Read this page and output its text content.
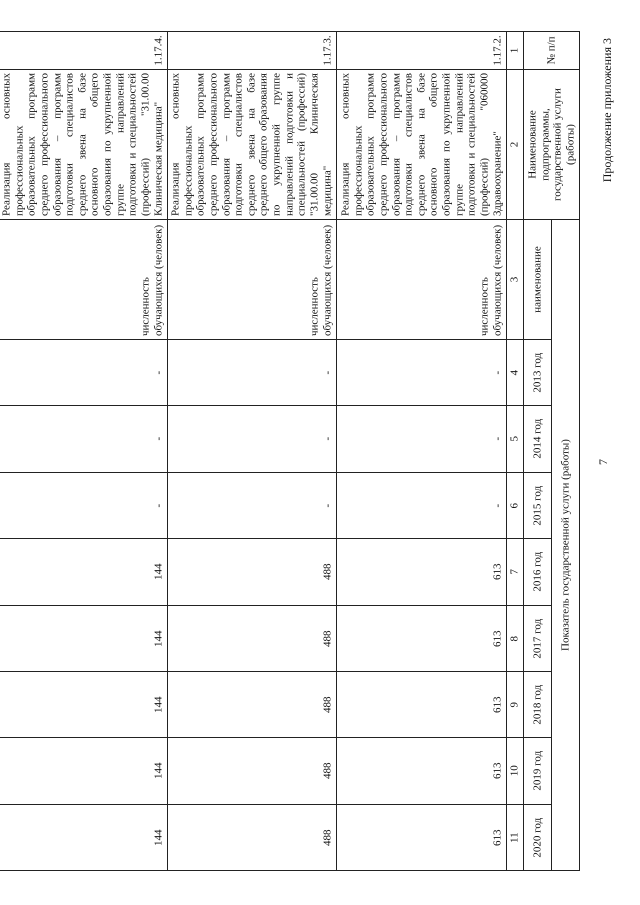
7
Продолжение приложения 3
№ п/п	Наименование подпрограммы, государственной услуги (работы)	Показатель государственной услуги (работы)								

		наименование	2013 год	2014 год	2015 год	2016 год	2017 год	2018 год	2019 год	2020 год

1	2	3	4	5	6	7	8	9	10	11

1.17.2.	Реализация основных профессиональных образовательных программ среднего профессионального образования – программ подготовки специалистов среднего звена на базе основного общего образования по укрупненной группе направлений подготовки и специальностей (профессий) "060000 Здравоохранение"	численность обучающихся (человек)	-	-	-	613	613	613	613	613

1.17.3.	Реализация основных профессиональных образовательных программ среднего профессионального образования – программ подготовки специалистов среднего звена на базе среднего общего образования по укрупненной группе направлений подготовки и специальностей (профессий) "31.00.00 Клиническая медицина"	численность обучающихся (человек)	-	-	-	488	488	488	488	488

1.17.4.	Реализация основных профессиональных образовательных программ среднего профессионального образования – программ подготовки специалистов среднего звена на базе основного общего образования по укрупненной группе направлений подготовки и специальностей (профессий) "31.00.00 Клиническая медицина"	численность обучающихся (человек)	-	-	-	144	144	144	144	144
